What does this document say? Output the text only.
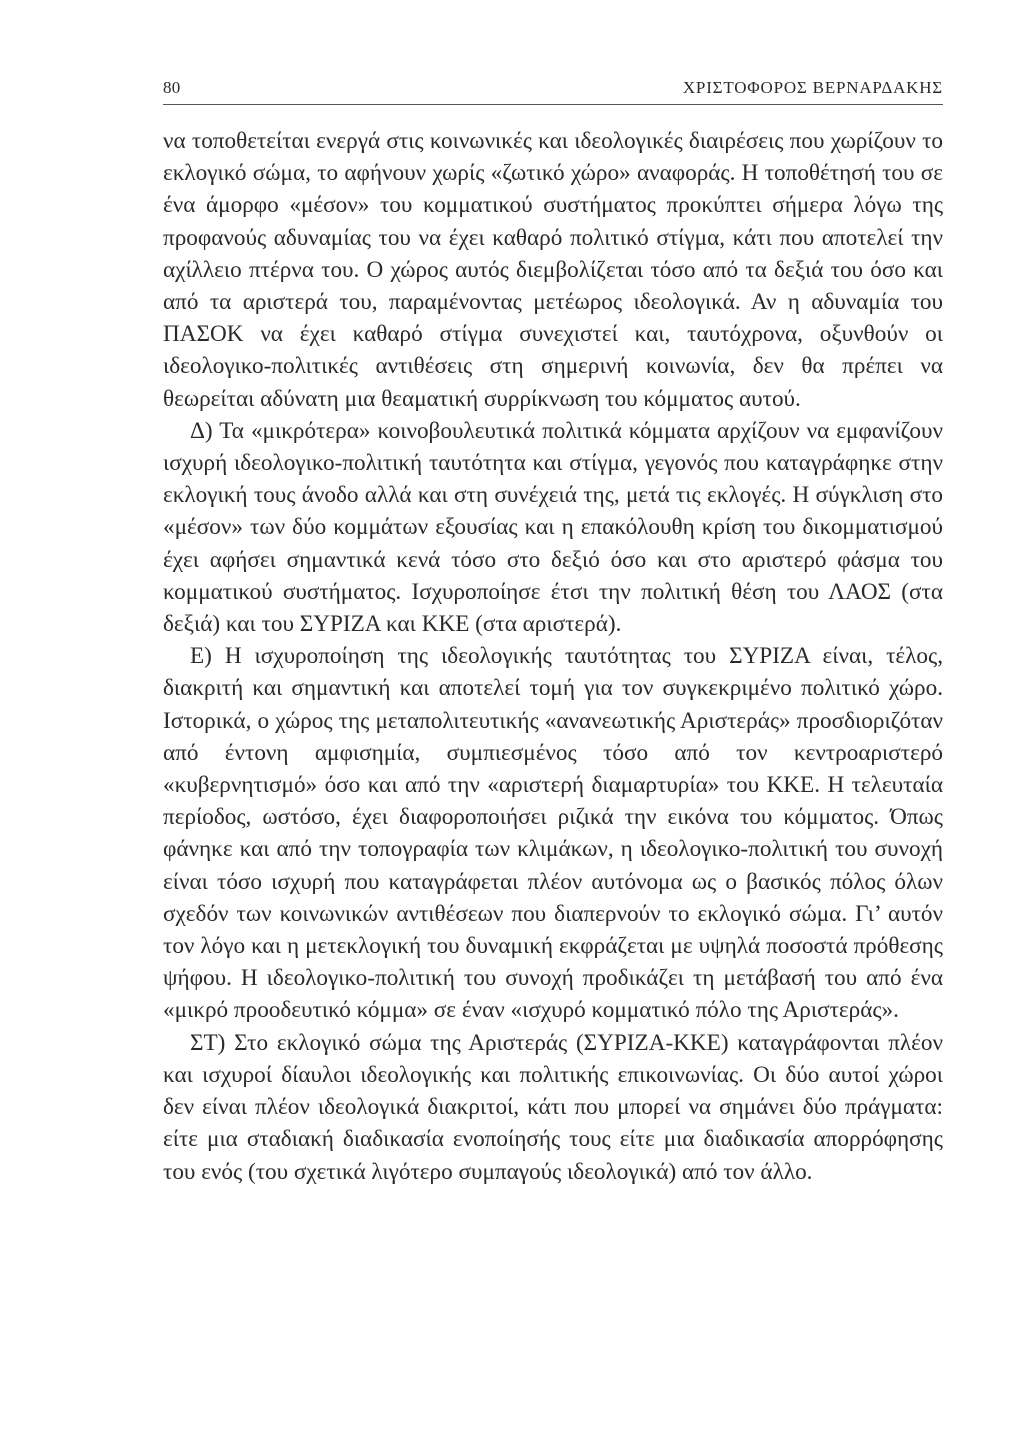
80	ΧΡΙΣΤΟΦΟΡΟΣ ΒΕΡΝΑΡΔΑΚΗΣ

να τοποθετείται ενεργά στις κοινωνικές και ιδεολογικές διαιρέσεις που χωρίζουν το εκλογικό σώμα, το αφήνουν χωρίς «ζωτικό χώρο» αναφοράς. Η τοποθέτησή του σε ένα άμορφο «μέσον» του κομματικού συστήματος προκύπτει σήμερα λόγω της προφανούς αδυναμίας του να έχει καθαρό πολιτικό στίγμα, κάτι που αποτελεί την αχίλλειο πτέρνα του. Ο χώρος αυτός διεμβολίζεται τόσο από τα δεξιά του όσο και από τα αριστερά του, παραμένοντας μετέωρος ιδεολογικά. Αν η αδυναμία του ΠΑΣΟΚ να έχει καθαρό στίγμα συνεχιστεί και, ταυτόχρονα, οξυνθούν οι ιδεολογικο-πολιτικές αντιθέσεις στη σημερινή κοινωνία, δεν θα πρέπει να θεωρείται αδύνατη μια θεαματική συρρίκνωση του κόμματος αυτού.

Δ) Τα «μικρότερα» κοινοβουλευτικά πολιτικά κόμματα αρχίζουν να εμφανίζουν ισχυρή ιδεολογικο-πολιτική ταυτότητα και στίγμα, γεγονός που καταγράφηκε στην εκλογική τους άνοδο αλλά και στη συνέχειά της, μετά τις εκλογές. Η σύγκλιση στο «μέσον» των δύο κομμάτων εξουσίας και η επακόλουθη κρίση του δικομματισμού έχει αφήσει σημαντικά κενά τόσο στο δεξιό όσο και στο αριστερό φάσμα του κομματικού συστήματος. Ισχυροποίησε έτσι την πολιτική θέση του ΛΑΟΣ (στα δεξιά) και του ΣΥΡΙΖΑ και ΚΚΕ (στα αριστερά).

Ε) Η ισχυροποίηση της ιδεολογικής ταυτότητας του ΣΥΡΙΖΑ είναι, τέλος, διακριτή και σημαντική και αποτελεί τομή για τον συγκεκριμένο πολιτικό χώρο. Ιστορικά, ο χώρος της μεταπολιτευτικής «ανανεωτικής Αριστεράς» προσδιοριζόταν από έντονη αμφισημία, συμπιεσμένος τόσο από τον κεντροαριστερό «κυβερνητισμό» όσο και από την «αριστερή διαμαρτυρία» του ΚΚΕ. Η τελευταία περίοδος, ωστόσο, έχει διαφοροποιήσει ριζικά την εικόνα του κόμματος. Όπως φάνηκε και από την τοπογραφία των κλιμάκων, η ιδεολογικο-πολιτική του συνοχή είναι τόσο ισχυρή που καταγράφεται πλέον αυτόνομα ως ο βασικός πόλος όλων σχεδόν των κοινωνικών αντιθέσεων που διαπερνούν το εκλογικό σώμα. Γι’ αυτόν τον λόγο και η μετεκλογική του δυναμική εκφράζεται με υψηλά ποσοστά πρόθεσης ψήφου. Η ιδεολογικο-πολιτική του συνοχή προδικάζει τη μετάβασή του από ένα «μικρό προοδευτικό κόμμα» σε έναν «ισχυρό κομματικό πόλο της Αριστεράς».

ΣΤ) Στο εκλογικό σώμα της Αριστεράς (ΣΥΡΙΖΑ-ΚΚΕ) καταγράφονται πλέον και ισχυροί δίαυλοι ιδεολογικής και πολιτικής επικοινωνίας. Οι δύο αυτοί χώροι δεν είναι πλέον ιδεολογικά διακριτοί, κάτι που μπορεί να σημάνει δύο πράγματα: είτε μια σταδιακή διαδικασία ενοποίησής τους είτε μια διαδικασία απορρόφησης του ενός (του σχετικά λιγότερο συμπαγούς ιδεολογικά) από τον άλλο.
